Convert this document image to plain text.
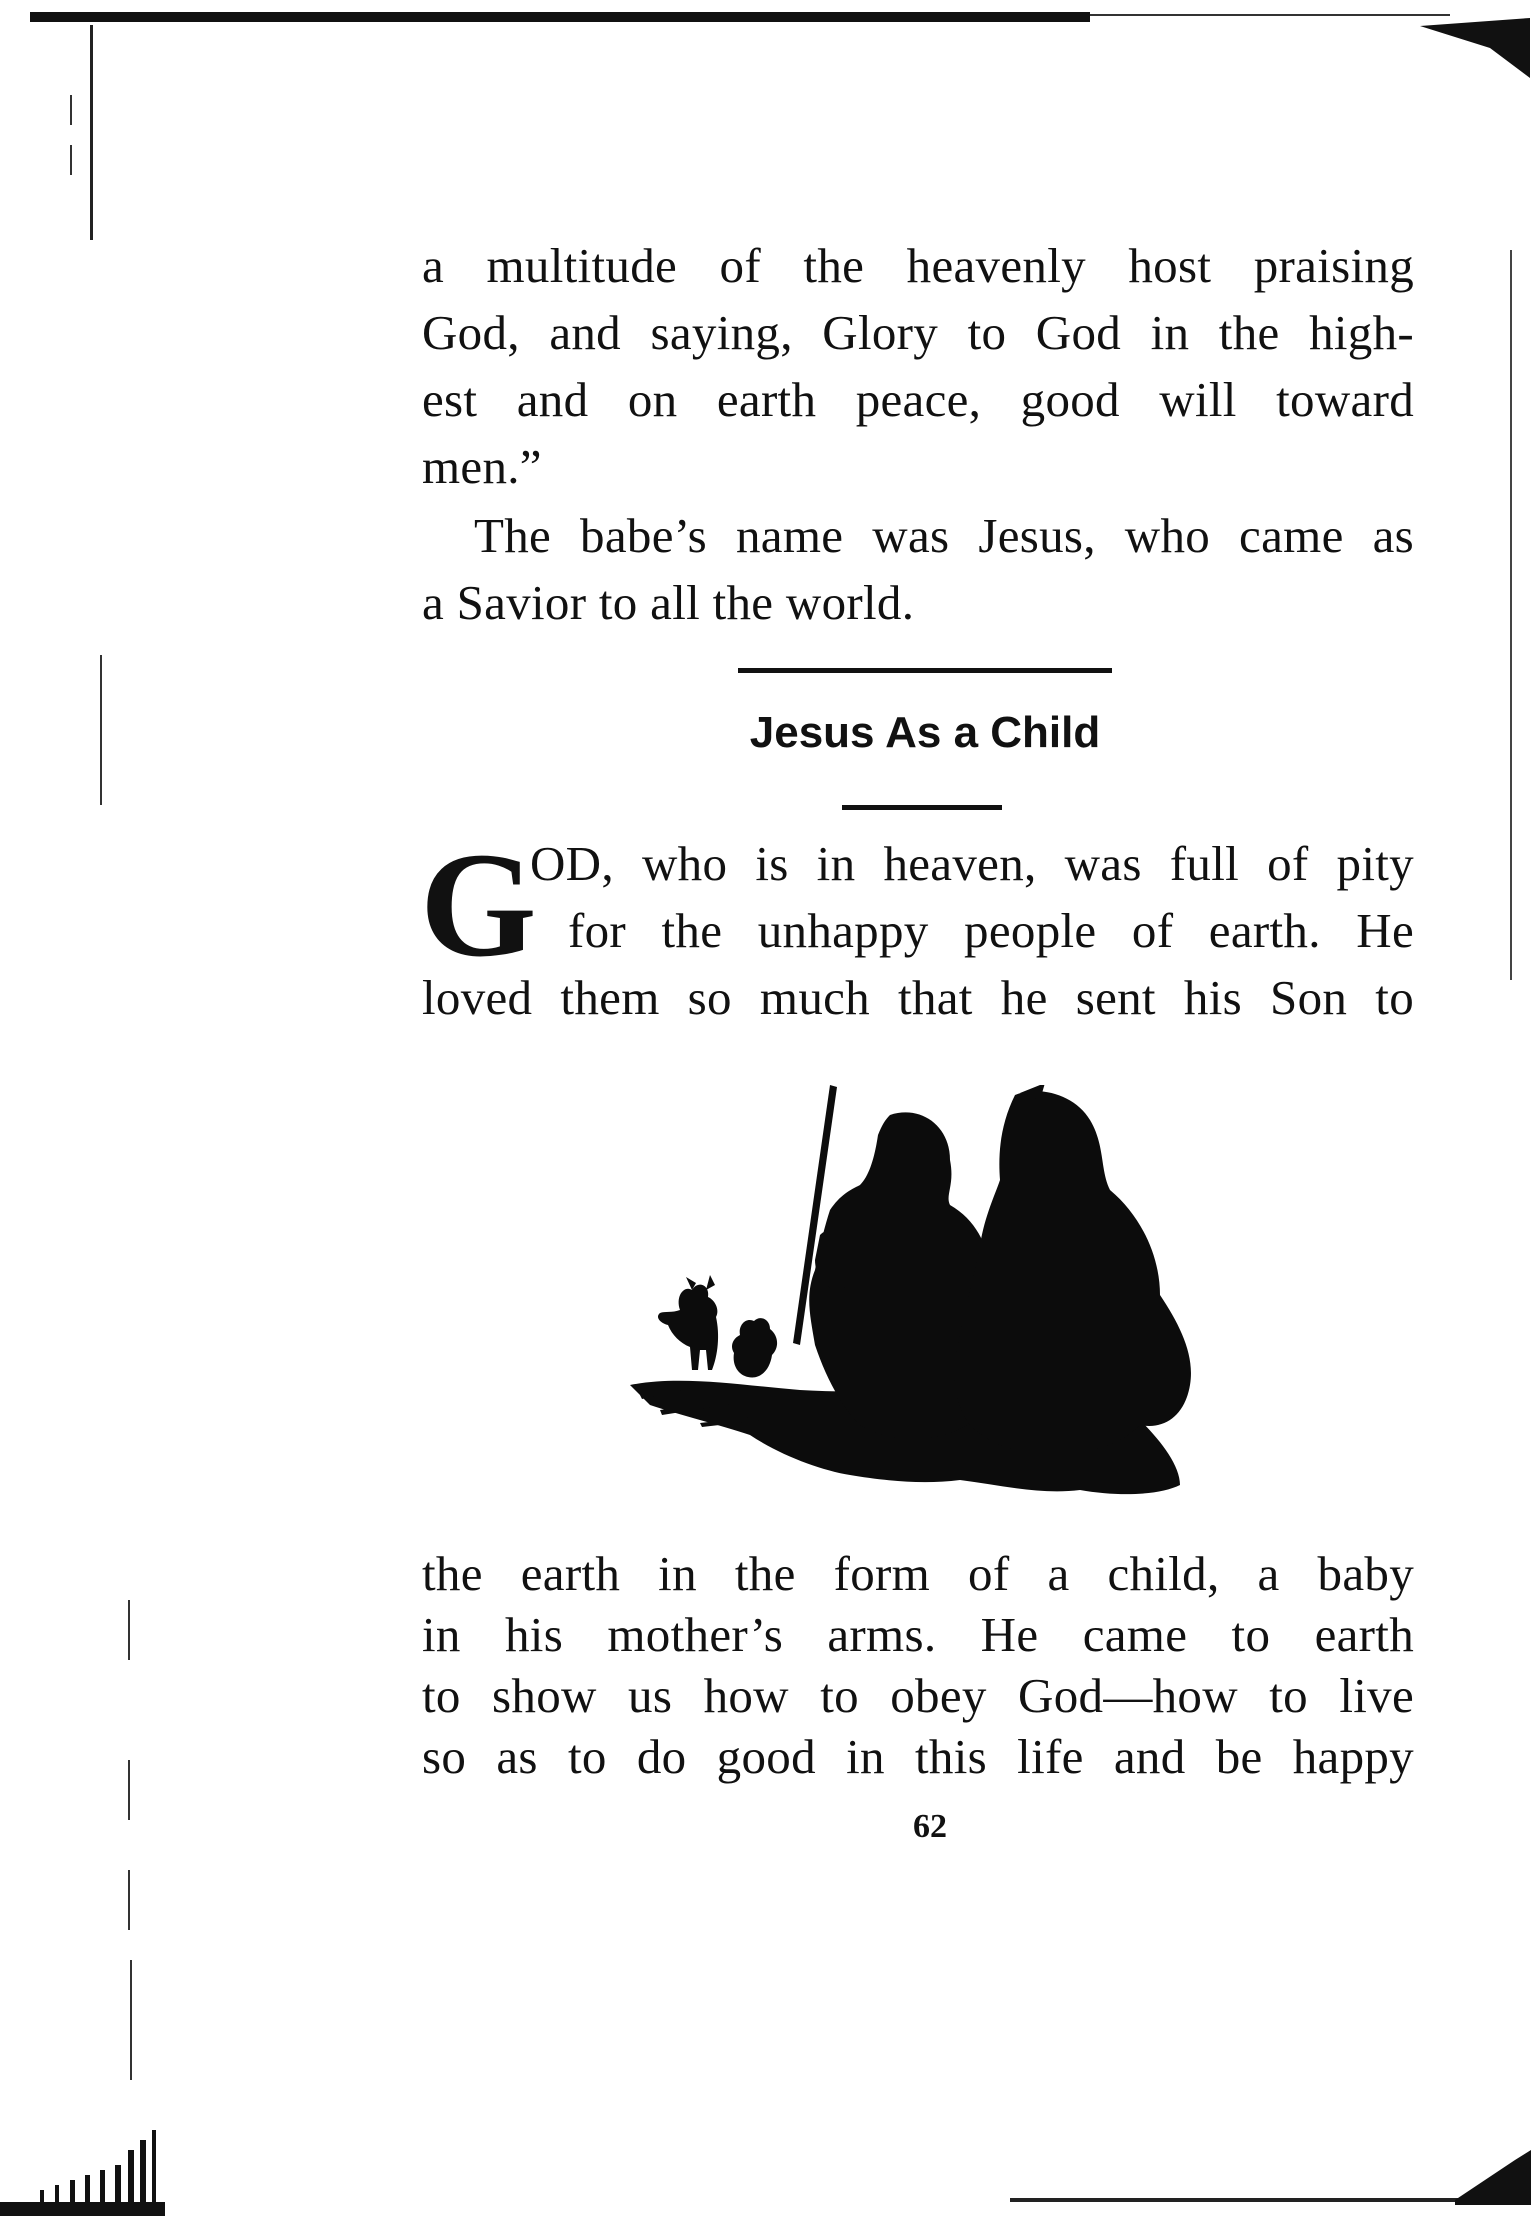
a multitude of the heavenly host praising
God, and saying, Glory to God in the high-
est and on earth peace, good will toward
men.”
The babe’s name was Jesus, who came as
a Savior to all the world.
Jesus As a Child
G
OD, who is in heaven, was full of pity
for the unhappy people of earth. He
loved them so much that he sent his Son to
the earth in the form of a child, a baby
in his mother’s arms. He came to earth
to show us how to obey God—how to live
so as to do good in this life and be happy
62
